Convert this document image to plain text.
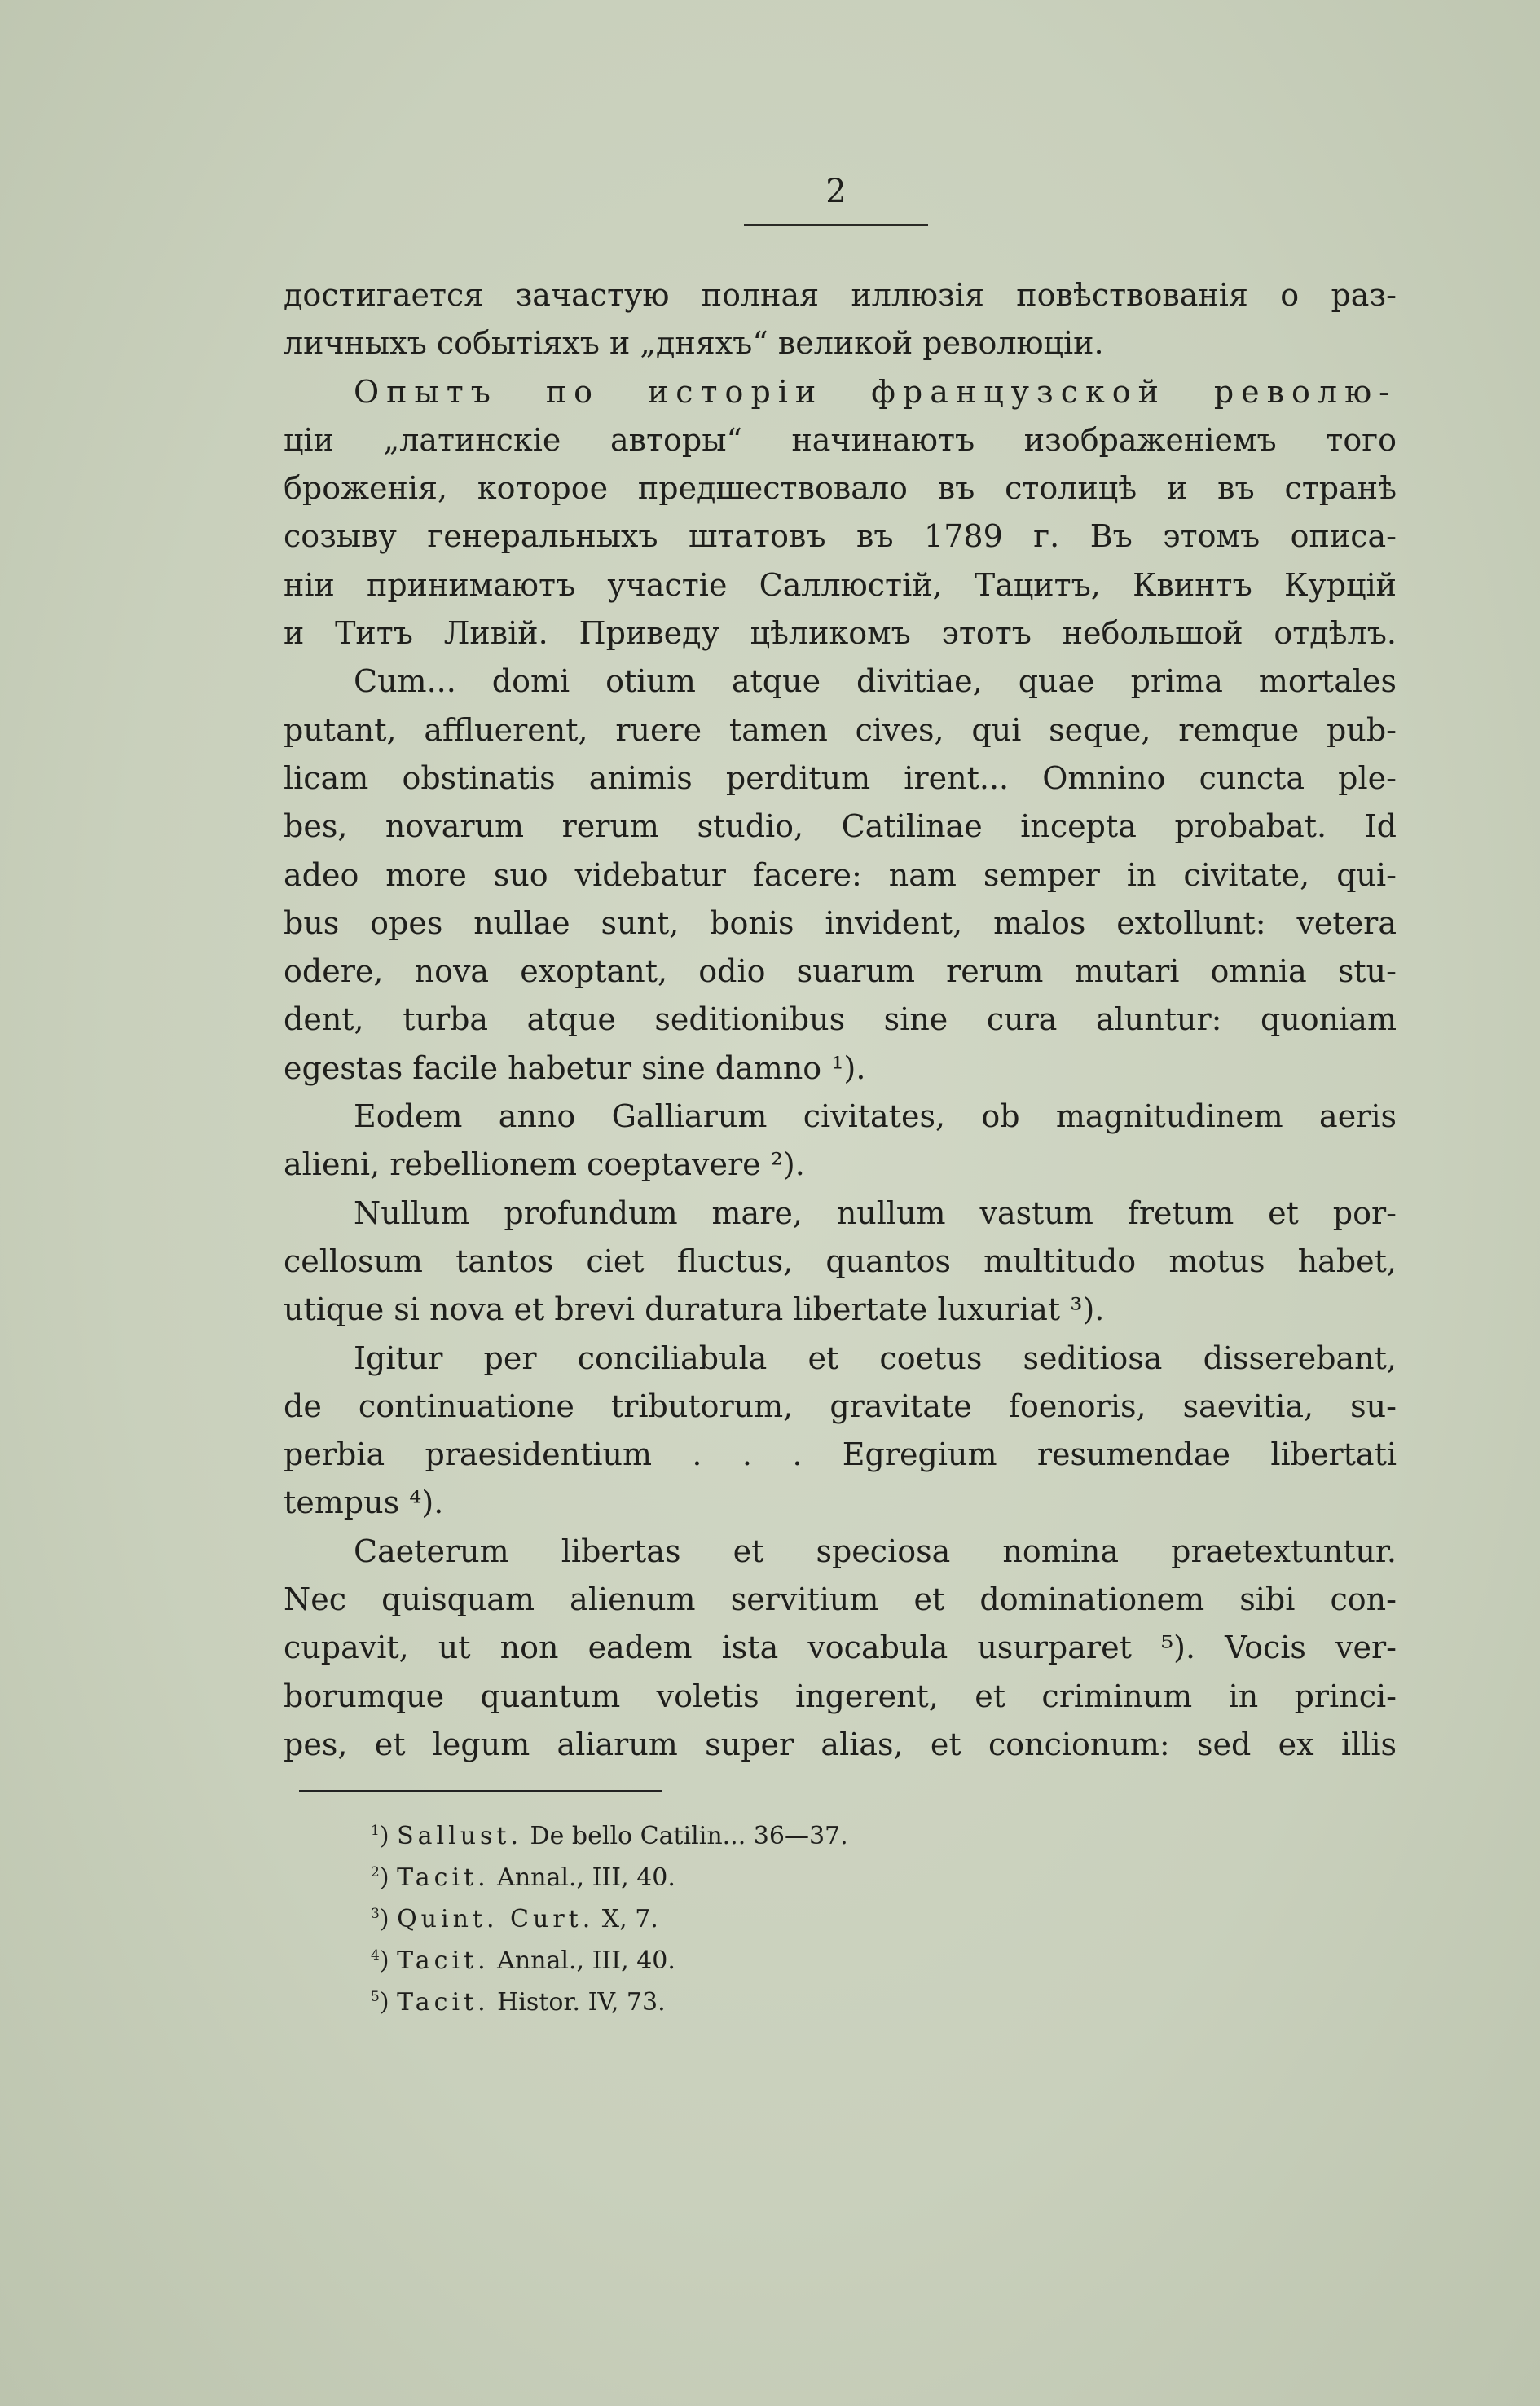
2
достигается зачастую полная иллюзія повѣствованія о раз-
личныхъ событіяхъ и „дняхъ“ великой революціи.
Опытъ по исторіи французской револю-
ціи „латинскіе авторы“ начинаютъ изображеніемъ того
броженія, которое предшествовало въ столицѣ и въ странѣ
созыву генеральныхъ штатовъ въ 1789 г. Въ этомъ описа-
ніи принимаютъ участіе Саллюстій, Тацитъ, Квинтъ Курцій
и Титъ Ливій. Приведу цѣликомъ этотъ небольшой отдѣлъ.
Cum... domi otium atque divitiae, quae prima mortales
putant, affluerent, ruere tamen cives, qui seque, remque pub-
licam obstinatis animis perditum irent... Omnino cuncta ple-
bes, novarum rerum studio, Catilinae incepta probabat. Id
adeo more suo videbatur facere: nam semper in civitate, qui-
bus opes nullae sunt, bonis invident, malos extollunt: vetera
odere, nova exoptant, odio suarum rerum mutari omnia stu-
dent, turba atque seditionibus sine cura aluntur: quoniam
egestas facile habetur sine damno ¹).
Eodem anno Galliarum civitates, ob magnitudinem aeris
alieni, rebellionem coeptavere ²).
Nullum profundum mare, nullum vastum fretum et por-
cellosum tantos ciet fluctus, quantos multitudo motus habet,
utique si nova et brevi duratura libertate luxuriat ³).
Igitur per conciliabula et coetus seditiosa disserebant,
de continuatione tributorum, gravitate foenoris, saevitia, su-
perbia praesidentium . . . Egregium resumendae libertati
tempus ⁴).
Caeterum libertas et speciosa nomina praetextuntur.
Nec quisquam alienum servitium et dominationem sibi con-
cupavit, ut non eadem ista vocabula usurparet ⁵). Vocis ver-
borumque quantum voletis ingerent, et criminum in princi-
pes, et legum aliarum super alias, et concionum: sed ex illis
$^1$) Sallust. De bello Catilin... 36—37.
$^2$) Tacit. Annal., III, 40.
$^3$) Quint. Curt. X, 7.
$^4$) Tacit. Annal., III, 40.
$^5$) Tacit. Histor. IV, 73.
